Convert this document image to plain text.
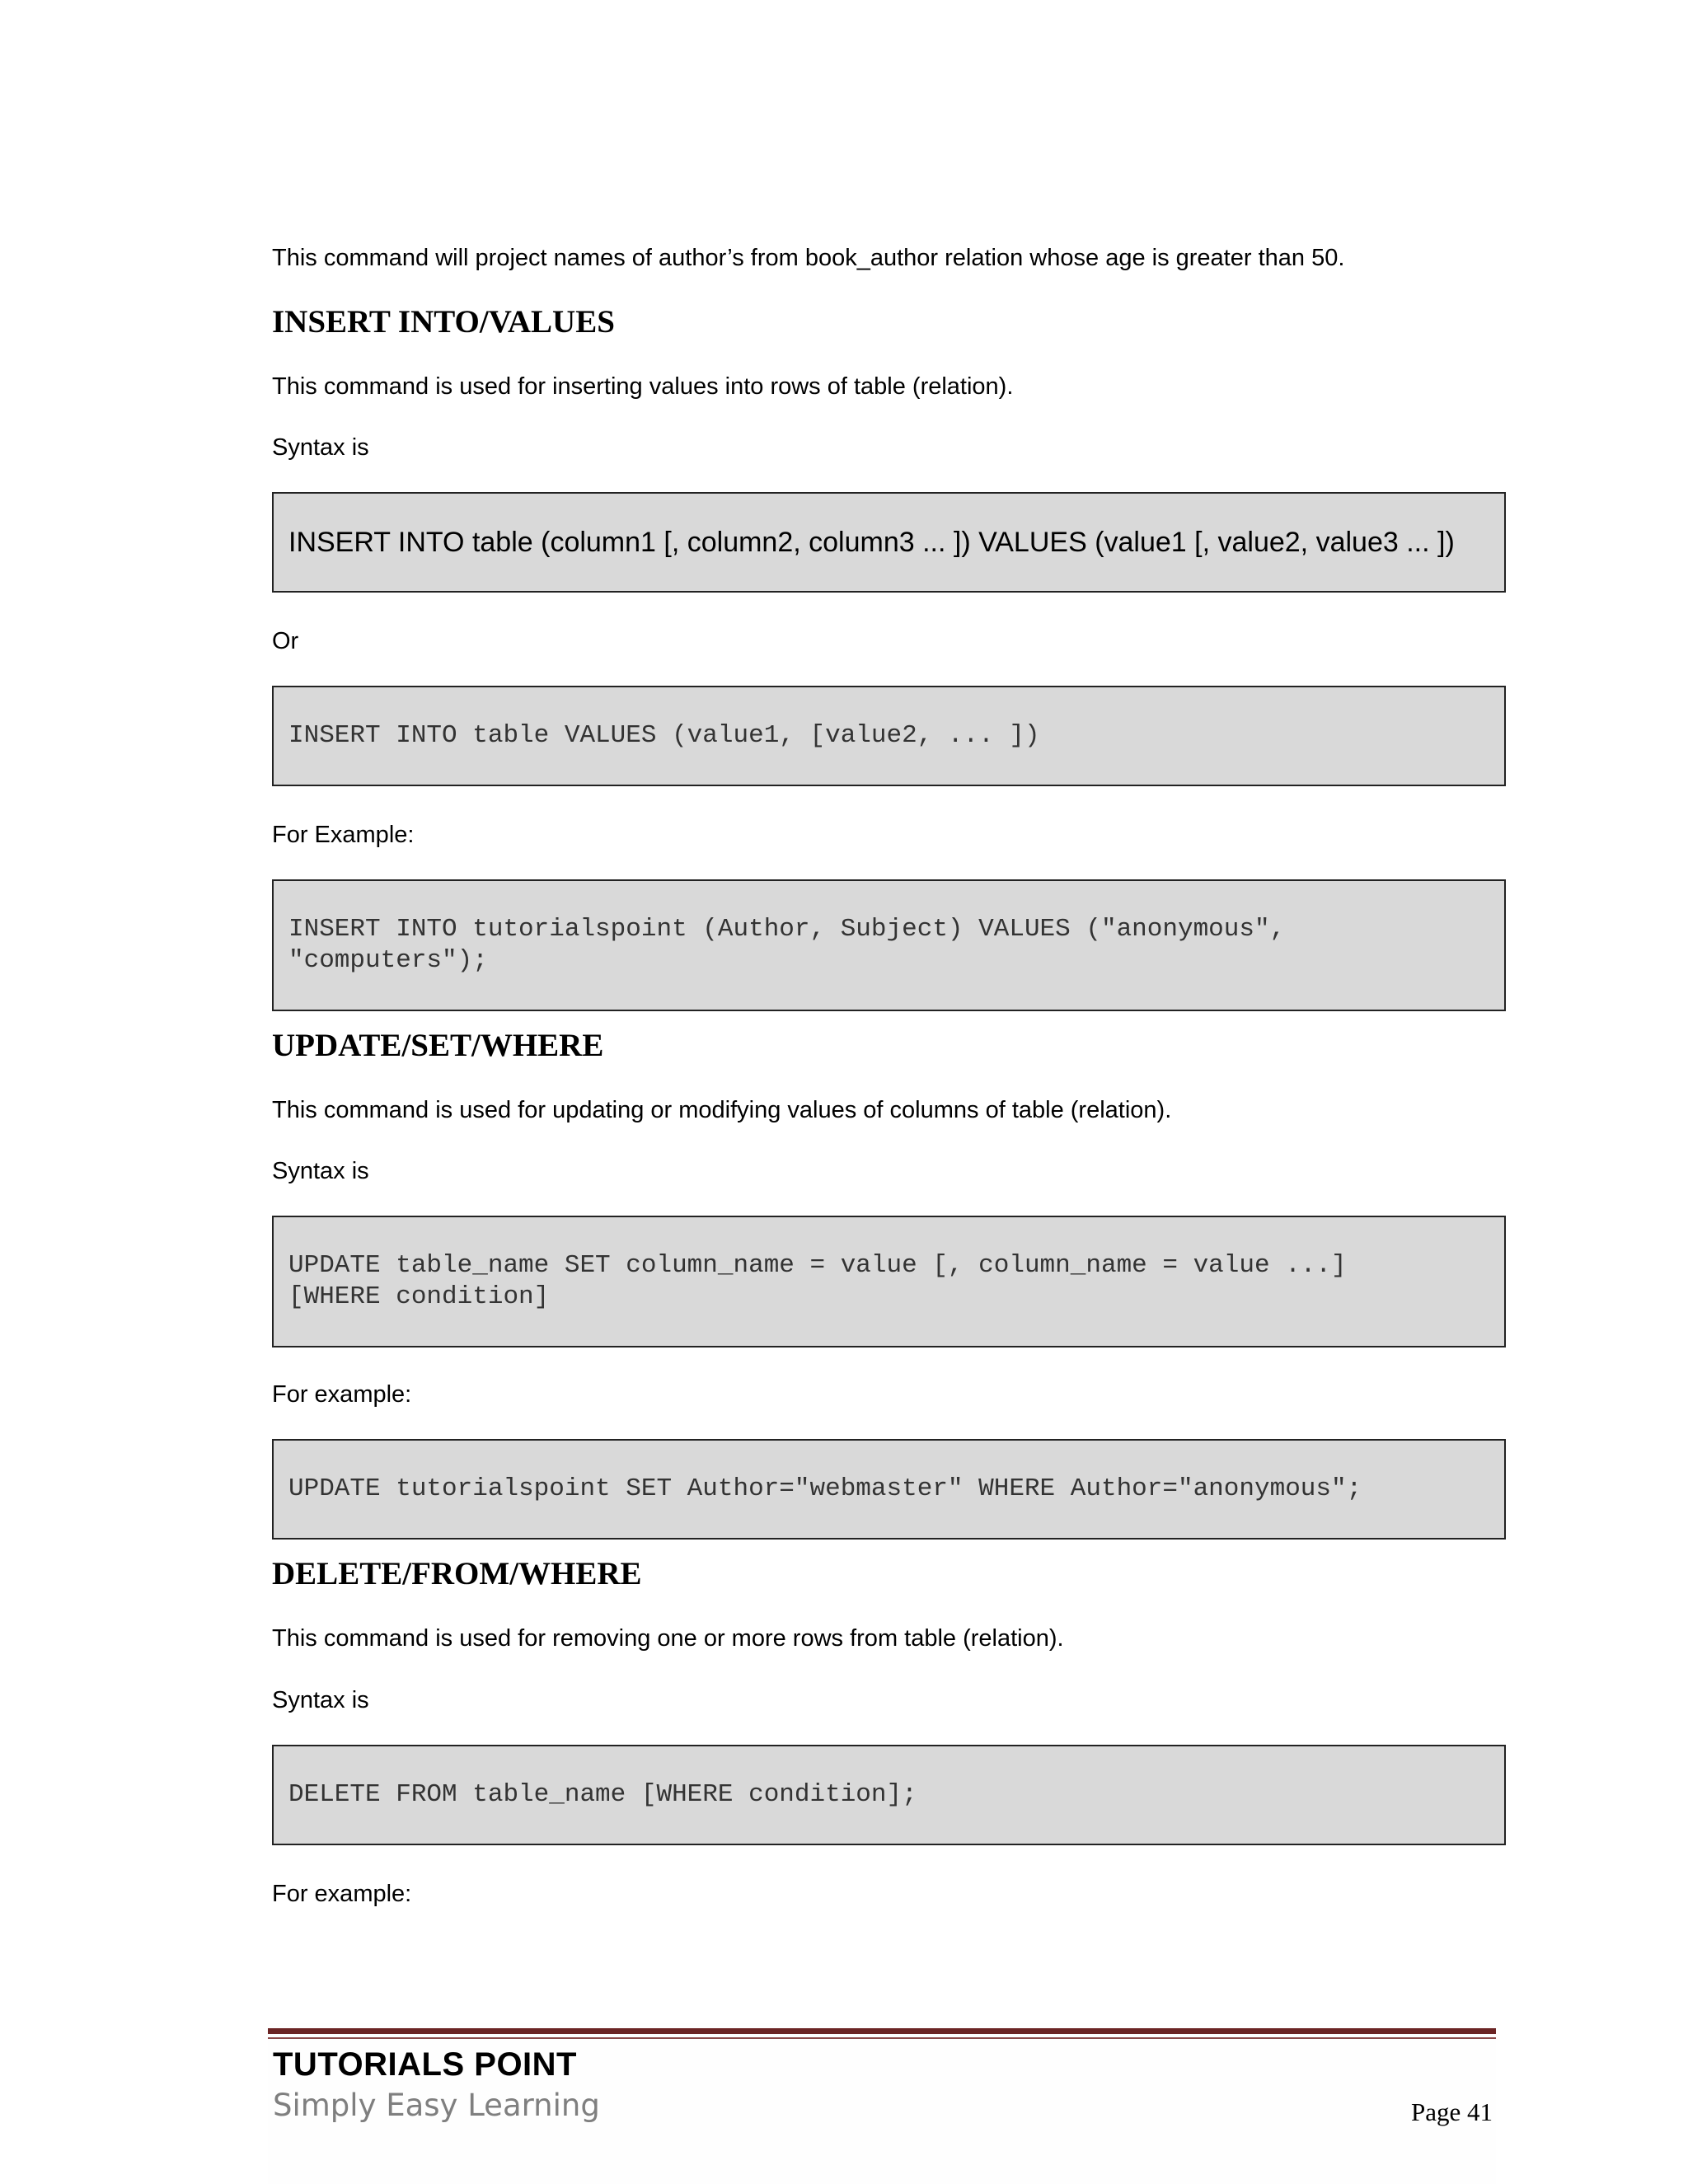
This command will project names of author’s from book_author relation whose age is greater than 50.

INSERT INTO/VALUES

This command is used for inserting values into rows of table (relation).

Syntax is

INSERT INTO table (column1 [, column2, column3 ... ]) VALUES (value1 [, value2, value3 ... ])

Or

INSERT INTO table VALUES (value1, [value2, ... ])

For Example:

INSERT INTO tutorialspoint (Author, Subject) VALUES ("anonymous",
"computers");
UPDATE/SET/WHERE

This command is used for updating or modifying values of columns of table (relation).

Syntax is

UPDATE table_name SET column_name = value [, column_name = value ...]
[WHERE condition]

For example:

UPDATE tutorialspoint SET Author="webmaster" WHERE Author="anonymous";
DELETE/FROM/WHERE

This command is used for removing one or more rows from table (relation).

Syntax is

DELETE FROM table_name [WHERE condition];

For example:

TUTORIALS POINT
Simply Easy Learning	Page 41
